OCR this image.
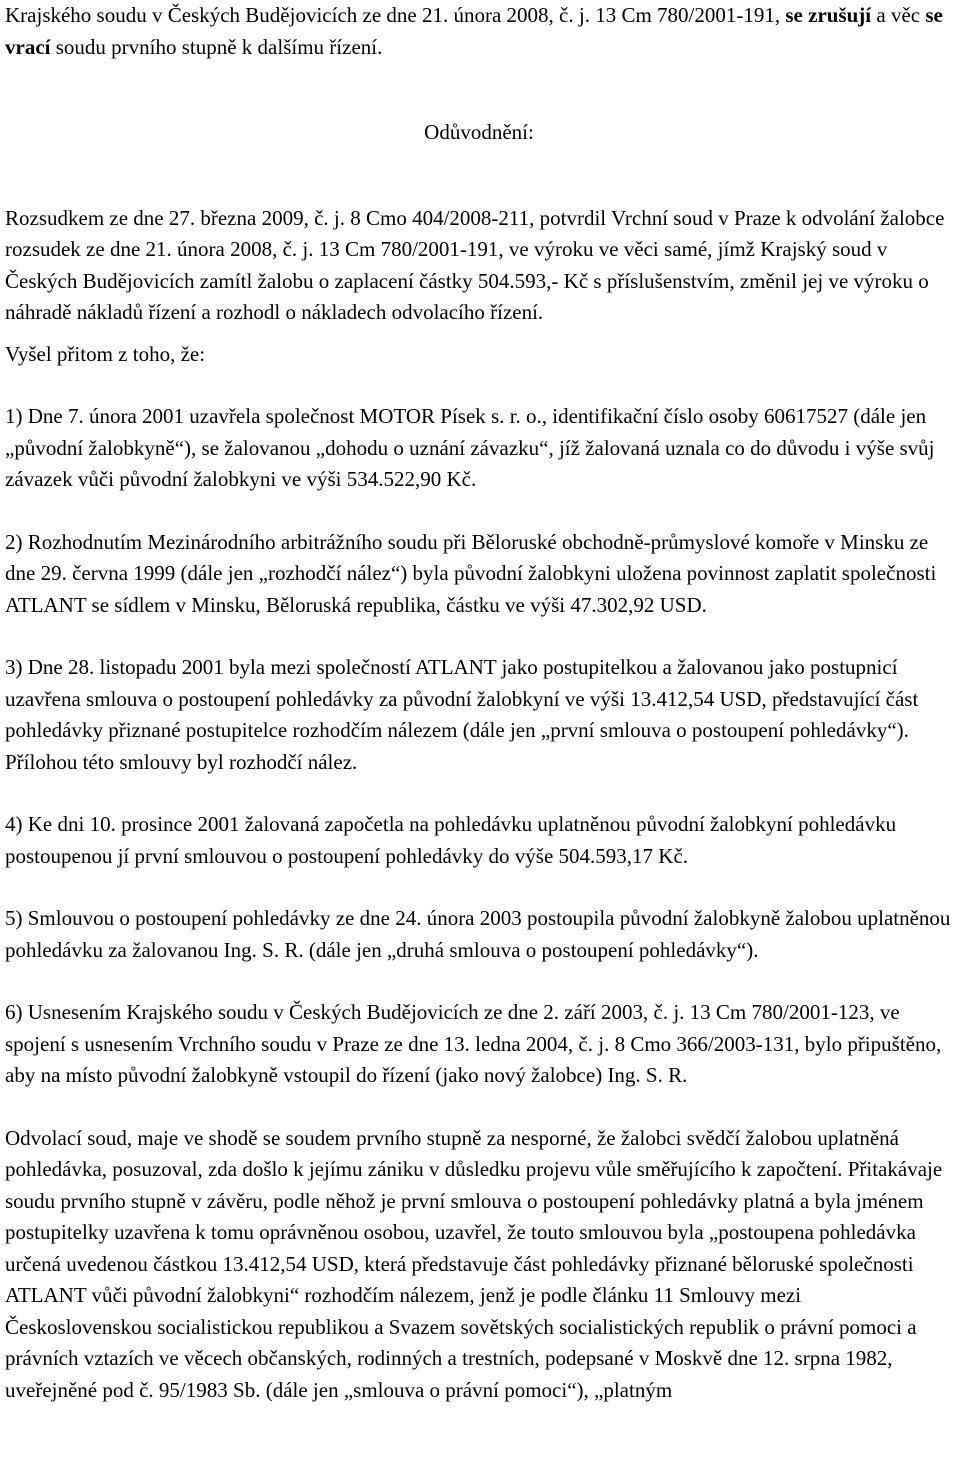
Krajského soudu v Českých Budějovicích ze dne 21. února 2008, č. j. 13 Cm 780/2001-191, se zrušují a věc se vrací soudu prvního stupně k dalšímu řízení.

Odůvodnění:

Rozsudkem ze dne 27. března 2009, č. j. 8 Cmo 404/2008-211, potvrdil Vrchní soud v Praze k odvolání žalobce rozsudek ze dne 21. února 2008, č. j. 13 Cm 780/2001-191, ve výroku ve věci samé, jímž Krajský soud v Českých Budějovicích zamítl žalobu o zaplacení částky 504.593,- Kč s příslušenstvím, změnil jej ve výroku o náhradě nákladů řízení a rozhodl o nákladech odvolacího řízení.

Vyšel přitom z toho, že:

1) Dne 7. února 2001 uzavřela společnost MOTOR Písek s. r. o., identifikační číslo osoby 60617527 (dále jen „původní žalobkyně“), se žalovanou „dohodu o uznání závazku“, jíž žalovaná uznala co do důvodu i výše svůj závazek vůči původní žalobkyni ve výši 534.522,90 Kč.

2) Rozhodnutím Mezinárodního arbitrážního soudu při Běloruské obchodně-průmyslové komoře v Minsku ze dne 29. června 1999 (dále jen „rozhodčí nález“) byla původní žalobkyni uložena povinnost zaplatit společnosti ATLANT se sídlem v Minsku, Běloruská republika, částku ve výši 47.302,92 USD.

3) Dne 28. listopadu 2001 byla mezi společností ATLANT jako postupitelkou a žalovanou jako postupnicí uzavřena smlouva o postoupení pohledávky za původní žalobkyní ve výši 13.412,54 USD, představující část pohledávky přiznané postupitelce rozhodčím nálezem (dále jen „první smlouva o postoupení pohledávky“). Přílohou této smlouvy byl rozhodčí nález.

4) Ke dni 10. prosince 2001 žalovaná započetla na pohledávku uplatněnou původní žalobkyní pohledávku postoupenou jí první smlouvou o postoupení pohledávky do výše 504.593,17 Kč.

5) Smlouvou o postoupení pohledávky ze dne 24. února 2003 postoupila původní žalobkyně žalobou uplatněnou pohledávku za žalovanou Ing. S. R. (dále jen „druhá smlouva o postoupení pohledávky“).

6) Usnesením Krajského soudu v Českých Budějovicích ze dne 2. září 2003, č. j. 13 Cm 780/2001-123, ve spojení s usnesením Vrchního soudu v Praze ze dne 13. ledna 2004, č. j. 8 Cmo 366/2003-131, bylo připuštěno, aby na místo původní žalobkyně vstoupil do řízení (jako nový žalobce) Ing. S. R.

Odvolací soud, maje ve shodě se soudem prvního stupně za nesporné, že žalobci svědčí žalobou uplatněná pohledávka, posuzoval, zda došlo k jejímu zániku v důsledku projevu vůle směřujícího k započtení. Přitakávaje soudu prvního stupně v závěru, podle něhož je první smlouva o postoupení pohledávky platná a byla jménem postupitelky uzavřena k tomu oprávněnou osobou, uzavřel, že touto smlouvou byla „postoupena pohledávka určená uvedenou částkou 13.412,54 USD, která představuje část pohledávky přiznané běloruské společnosti ATLANT vůči původní žalobkyni“ rozhodčím nálezem, jenž je podle článku 11 Smlouvy mezi Československou socialistickou republikou a Svazem sovětských socialistických republik o právní pomoci a právních vztazích ve věcech občanských, rodinných a trestních, podepsané v Moskvě dne 12. srpna 1982, uveřejněné pod č. 95/1983 Sb. (dále jen „smlouva o právní pomoci“), „platným
